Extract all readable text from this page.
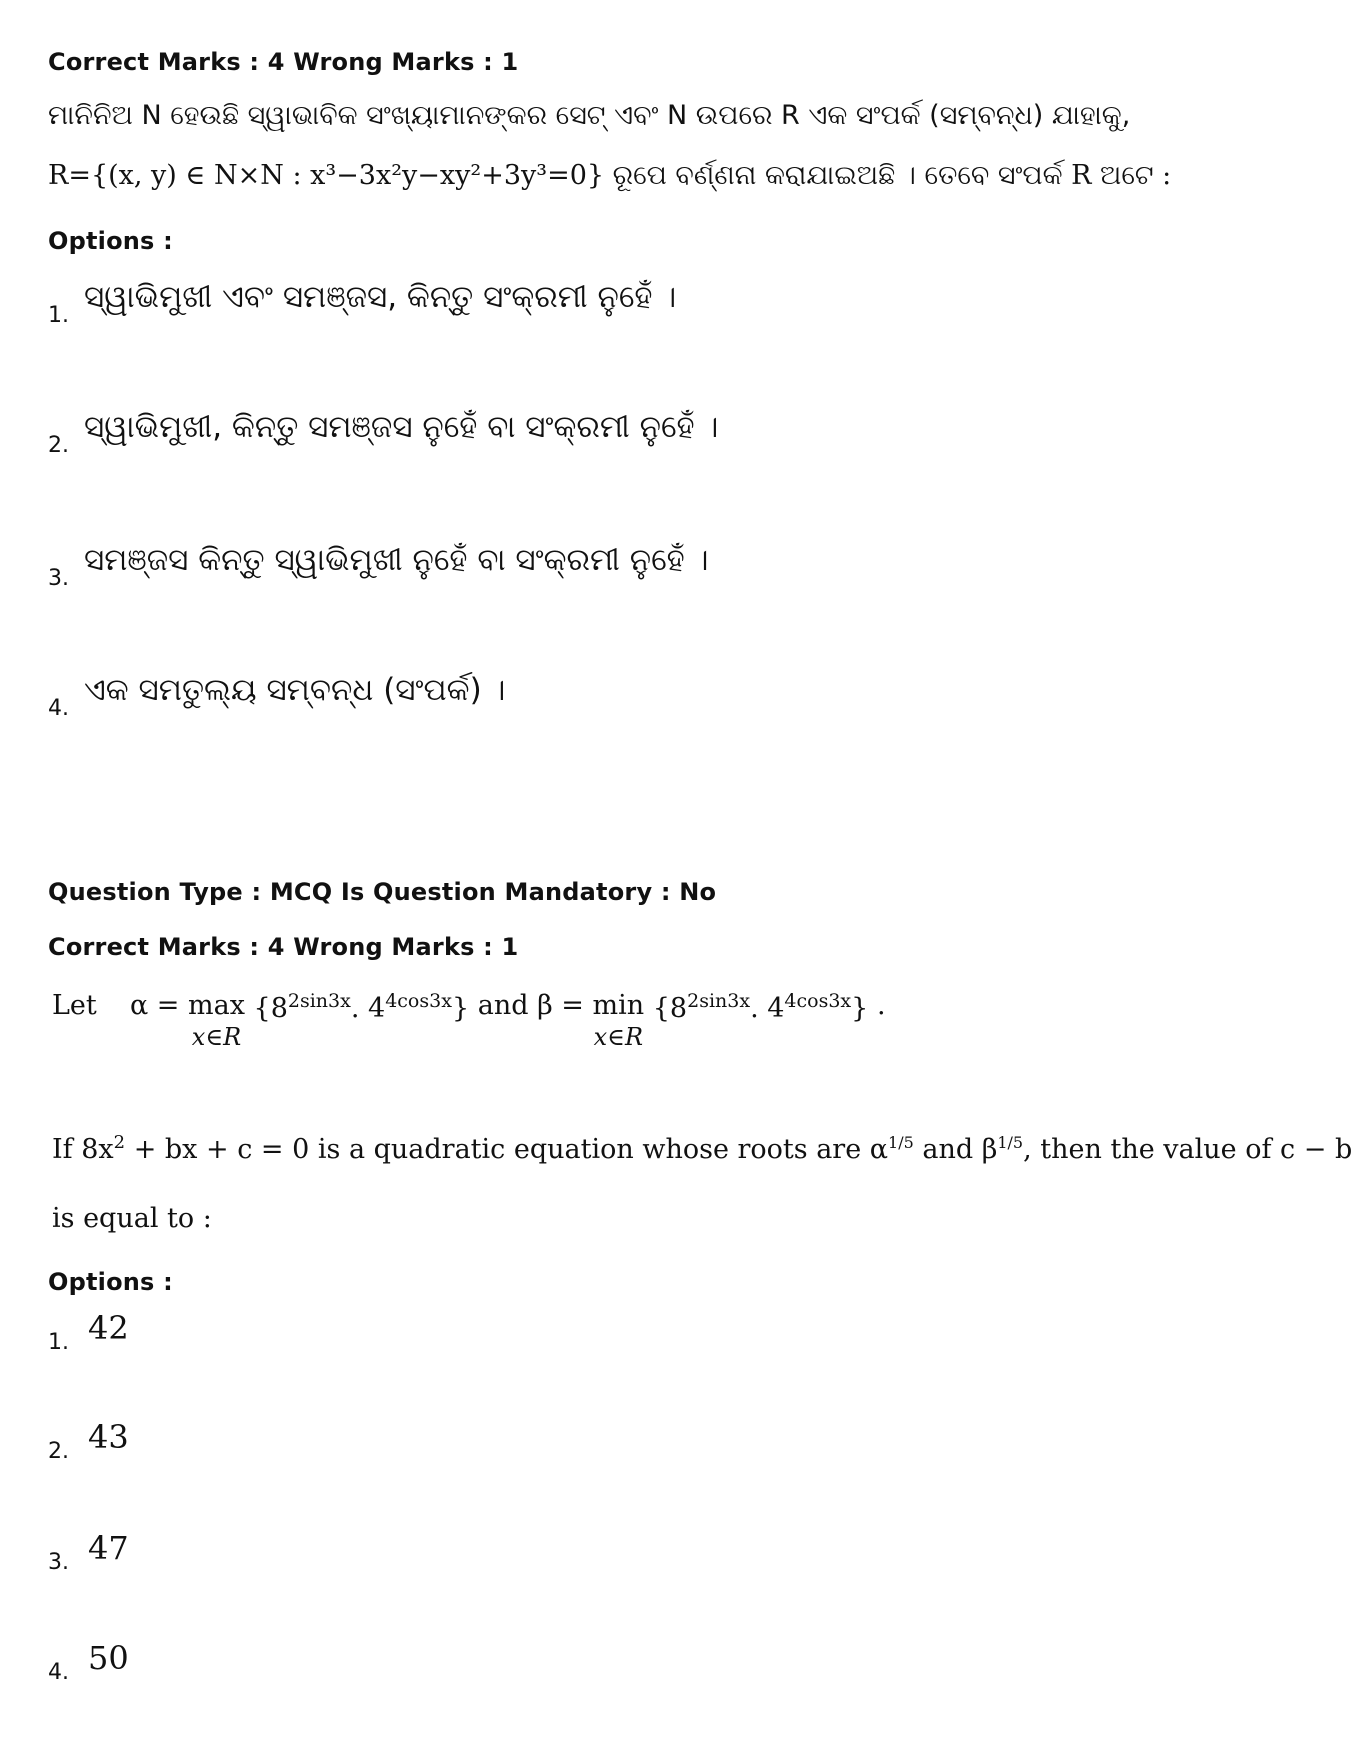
Correct Marks : 4 Wrong Marks : 1
ମାନିନିଅ N ହେଉଛି ସ୍ୱାଭାବିକ ସଂଖ୍ୟାମାନଙ୍କର ସେଟ୍ ଏବଂ N ଉପରେ R ଏକ ସଂପର୍କ (ସମ୍ବନ୍ଧ) ଯାହାକୁ,
R={(x, y) ∈ N×N : x³−3x²y−xy²+3y³=0} ରୂପେ ବର୍ଣ୍ଣନା କରାଯାଇଅଛି । ତେବେ ସଂପର୍କ R ଅଟେ :
Options :
1.
ସ୍ୱାଭିମୁଖୀ ଏବଂ ସମଞ୍ଜସ, କିନ୍ତୁ ସଂକ୍ରମୀ ନୁହେଁ ।
2.
ସ୍ୱାଭିମୁଖୀ, କିନ୍ତୁ ସମଞ୍ଜସ ନୁହେଁ ବା ସଂକ୍ରମୀ ନୁହେଁ ।
3.
ସମଞ୍ଜସ କିନ୍ତୁ ସ୍ୱାଭିମୁଖୀ ନୁହେଁ ବା ସଂକ୍ରମୀ ନୁହେଁ ।
4.
ଏକ ସମତୁଲ୍ୟ ସମ୍ବନ୍ଧ (ସଂପର୍କ) ।
Question Type : MCQ Is Question Mandatory : No
Correct Marks : 4 Wrong Marks : 1
Let α = max
x∈R
{$8^{2sin3x}$. $4^{4cos3x}$} and β = min
x∈R
{$8^{2sin3x}$. $4^{4cos3x}$} .
If $8x^2$ + bx + c = 0 is a quadratic equation whose roots are $\alpha^{1/5}$ and $\beta^{1/5}$, then the value of c − b
is equal to :
Options :
1. 42
2. 43
3. 47
4. 50
